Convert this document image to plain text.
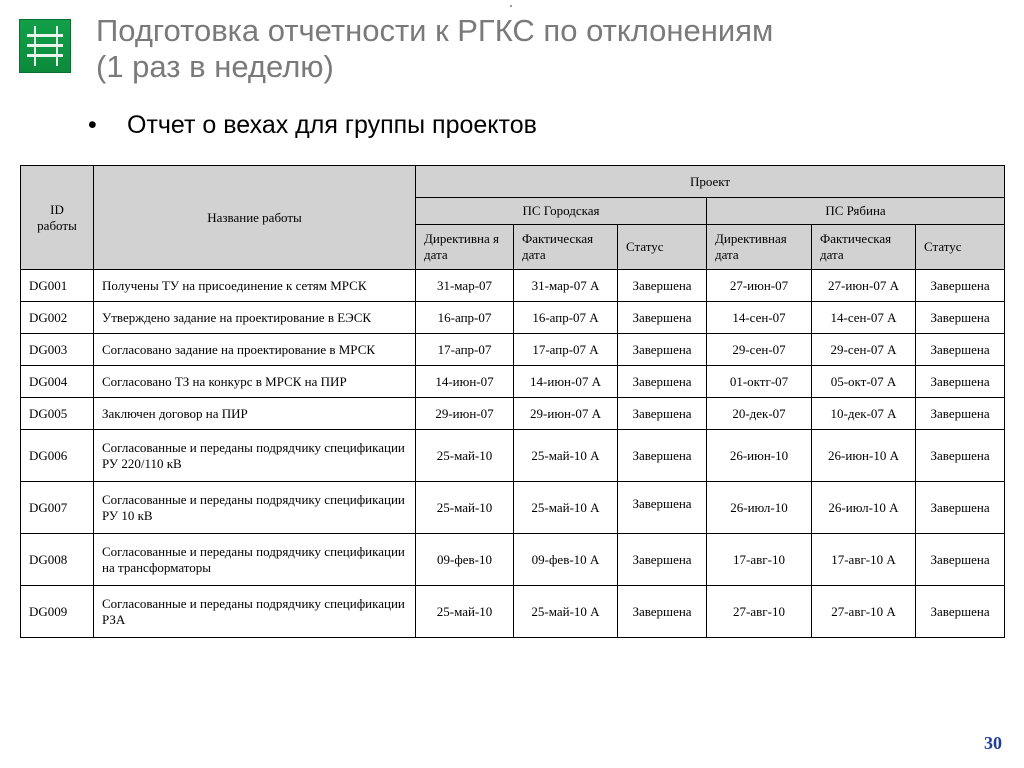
Подготовка отчетности к РГКС по отклонениям
(1 раз в неделю)
• Отчет о вехах для группы проектов
ID работы	Название работы	Проект					
		ПС Городская			ПС Рябина		
		Директивна я дата	Фактическая дата	Статус	Директивная дата	Фактическая дата	Статус
DG001	Получены ТУ на присоединение к сетям МРСК	31-мар-07	31-мар-07 А	Завершена	27-июн-07	27-июн-07 А	Завершена
DG002	Утверждено задание на проектирование в ЕЭСК	16-апр-07	16-апр-07 А	Завершена	14-сен-07	14-сен-07 А	Завершена
DG003	Согласовано задание на проектирование в МРСК	17-апр-07	17-апр-07 А	Завершена	29-сен-07	29-сен-07 А	Завершена
DG004	Согласовано ТЗ на конкурс в МРСК на ПИР	14-июн-07	14-июн-07 А	Завершена	01-октг-07	05-окт-07 А	Завершена
DG005	Заключен договор на ПИР	29-июн-07	29-июн-07 А	Завершена	20-дек-07	10-дек-07 А	Завершена
DG006	Согласованные и переданы подрядчику спецификации РУ 220/110 кВ	25-май-10	25-май-10 А	Завершена	26-июн-10	26-июн-10 А	Завершена
DG007	Согласованные и переданы подрядчику спецификации РУ 10 кВ	25-май-10	25-май-10 А	Завершена	26-июл-10	26-июл-10 А	Завершена
DG008	Согласованные и переданы подрядчику спецификации на трансформаторы	09-фев-10	09-фев-10 А	Завершена	17-авг-10	17-авг-10 А	Завершена
DG009	Согласованные и переданы подрядчику спецификации РЗА	25-май-10	25-май-10 А	Завершена	27-авг-10	27-авг-10 А	Завершена
30
